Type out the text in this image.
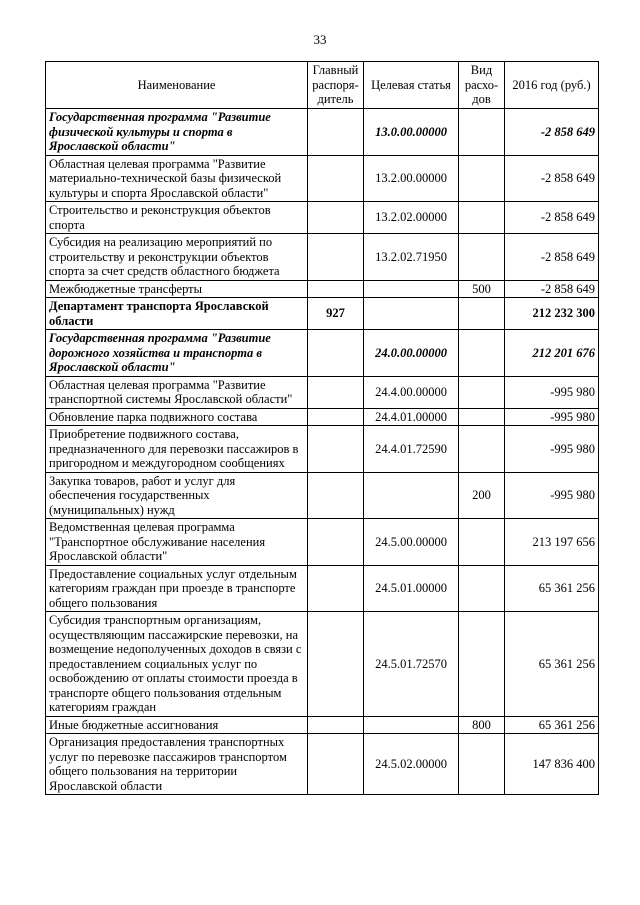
33
Наименование	Главный распоря-дитель	Целевая статья	Вид расхо-дов	2016 год (руб.)
Государственная программа "Развитие физической культуры и спорта в Ярославской области"		13.0.00.00000		-2 858 649
Областная целевая программа "Развитие материально-технической базы физической культуры и спорта Ярославской области"		13.2.00.00000		-2 858 649
Строительство и реконструкция объектов спорта		13.2.02.00000		-2 858 649
Субсидия на реализацию мероприятий по строительству и реконструкции объектов спорта за счет средств областного бюджета		13.2.02.71950		-2 858 649
Межбюджетные трансферты			500	-2 858 649
Департамент транспорта Ярославской области	927			212 232 300
Государственная программа "Развитие дорожного хозяйства и транспорта в Ярославской области"		24.0.00.00000		212 201 676
Областная целевая программа "Развитие транспортной системы Ярославской области"		24.4.00.00000		-995 980
Обновление парка подвижного состава		24.4.01.00000		-995 980
Приобретение подвижного состава, предназначенного для перевозки пассажиров в пригородном и междугородном сообщениях		24.4.01.72590		-995 980
Закупка товаров, работ и услуг для обеспечения государственных (муниципальных) нужд			200	-995 980
Ведомственная целевая программа "Транспортное обслуживание населения Ярославской области"		24.5.00.00000		213 197 656
Предоставление социальных услуг отдельным категориям граждан при проезде в транспорте общего пользования		24.5.01.00000		65 361 256
Субсидия транспортным организациям, осуществляющим пассажирские перевозки, на возмещение недополученных доходов в связи с предоставлением социальных услуг по освобождению от оплаты стоимости проезда в транспорте общего пользования отдельным категориям граждан		24.5.01.72570		65 361 256
Иные бюджетные ассигнования			800	65 361 256
Организация предоставления транспортных услуг по перевозке пассажиров транспортом общего пользования на территории Ярославской области		24.5.02.00000		147 836 400
